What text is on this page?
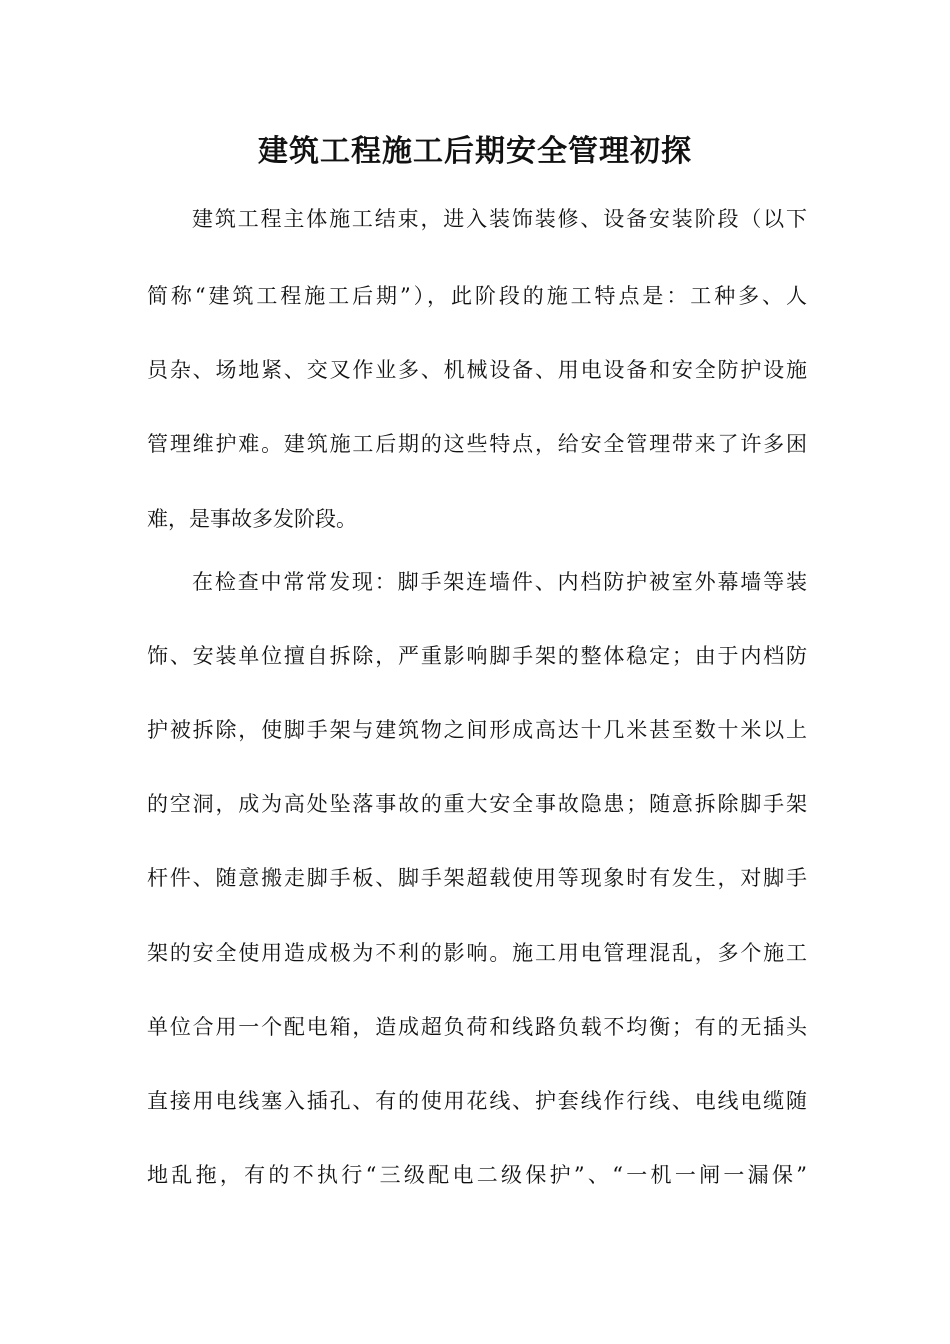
建筑工程施工后期安全管理初探

建筑工程主体施工结束，进入装饰装修、设备安装阶段（以下

简称“建筑工程施工后期”），此阶段的施工特点是：工种多、人

员杂、场地紧、交叉作业多、机械设备、用电设备和安全防护设施

管理维护难。建筑施工后期的这些特点，给安全管理带来了许多困

难，是事故多发阶段。

在检查中常常发现：脚手架连墙件、内档防护被室外幕墙等装

饰、安装单位擅自拆除，严重影响脚手架的整体稳定；由于内档防

护被拆除，使脚手架与建筑物之间形成高达十几米甚至数十米以上

的空洞，成为高处坠落事故的重大安全事故隐患；随意拆除脚手架

杆件、随意搬走脚手板、脚手架超载使用等现象时有发生，对脚手

架的安全使用造成极为不利的影响。施工用电管理混乱，多个施工

单位合用一个配电箱，造成超负荷和线路负载不均衡；有的无插头

直接用电线塞入插孔、有的使用花线、护套线作行线、电线电缆随

地乱拖，有的不执行“三级配电二级保护”、“一机一闸一漏保”
